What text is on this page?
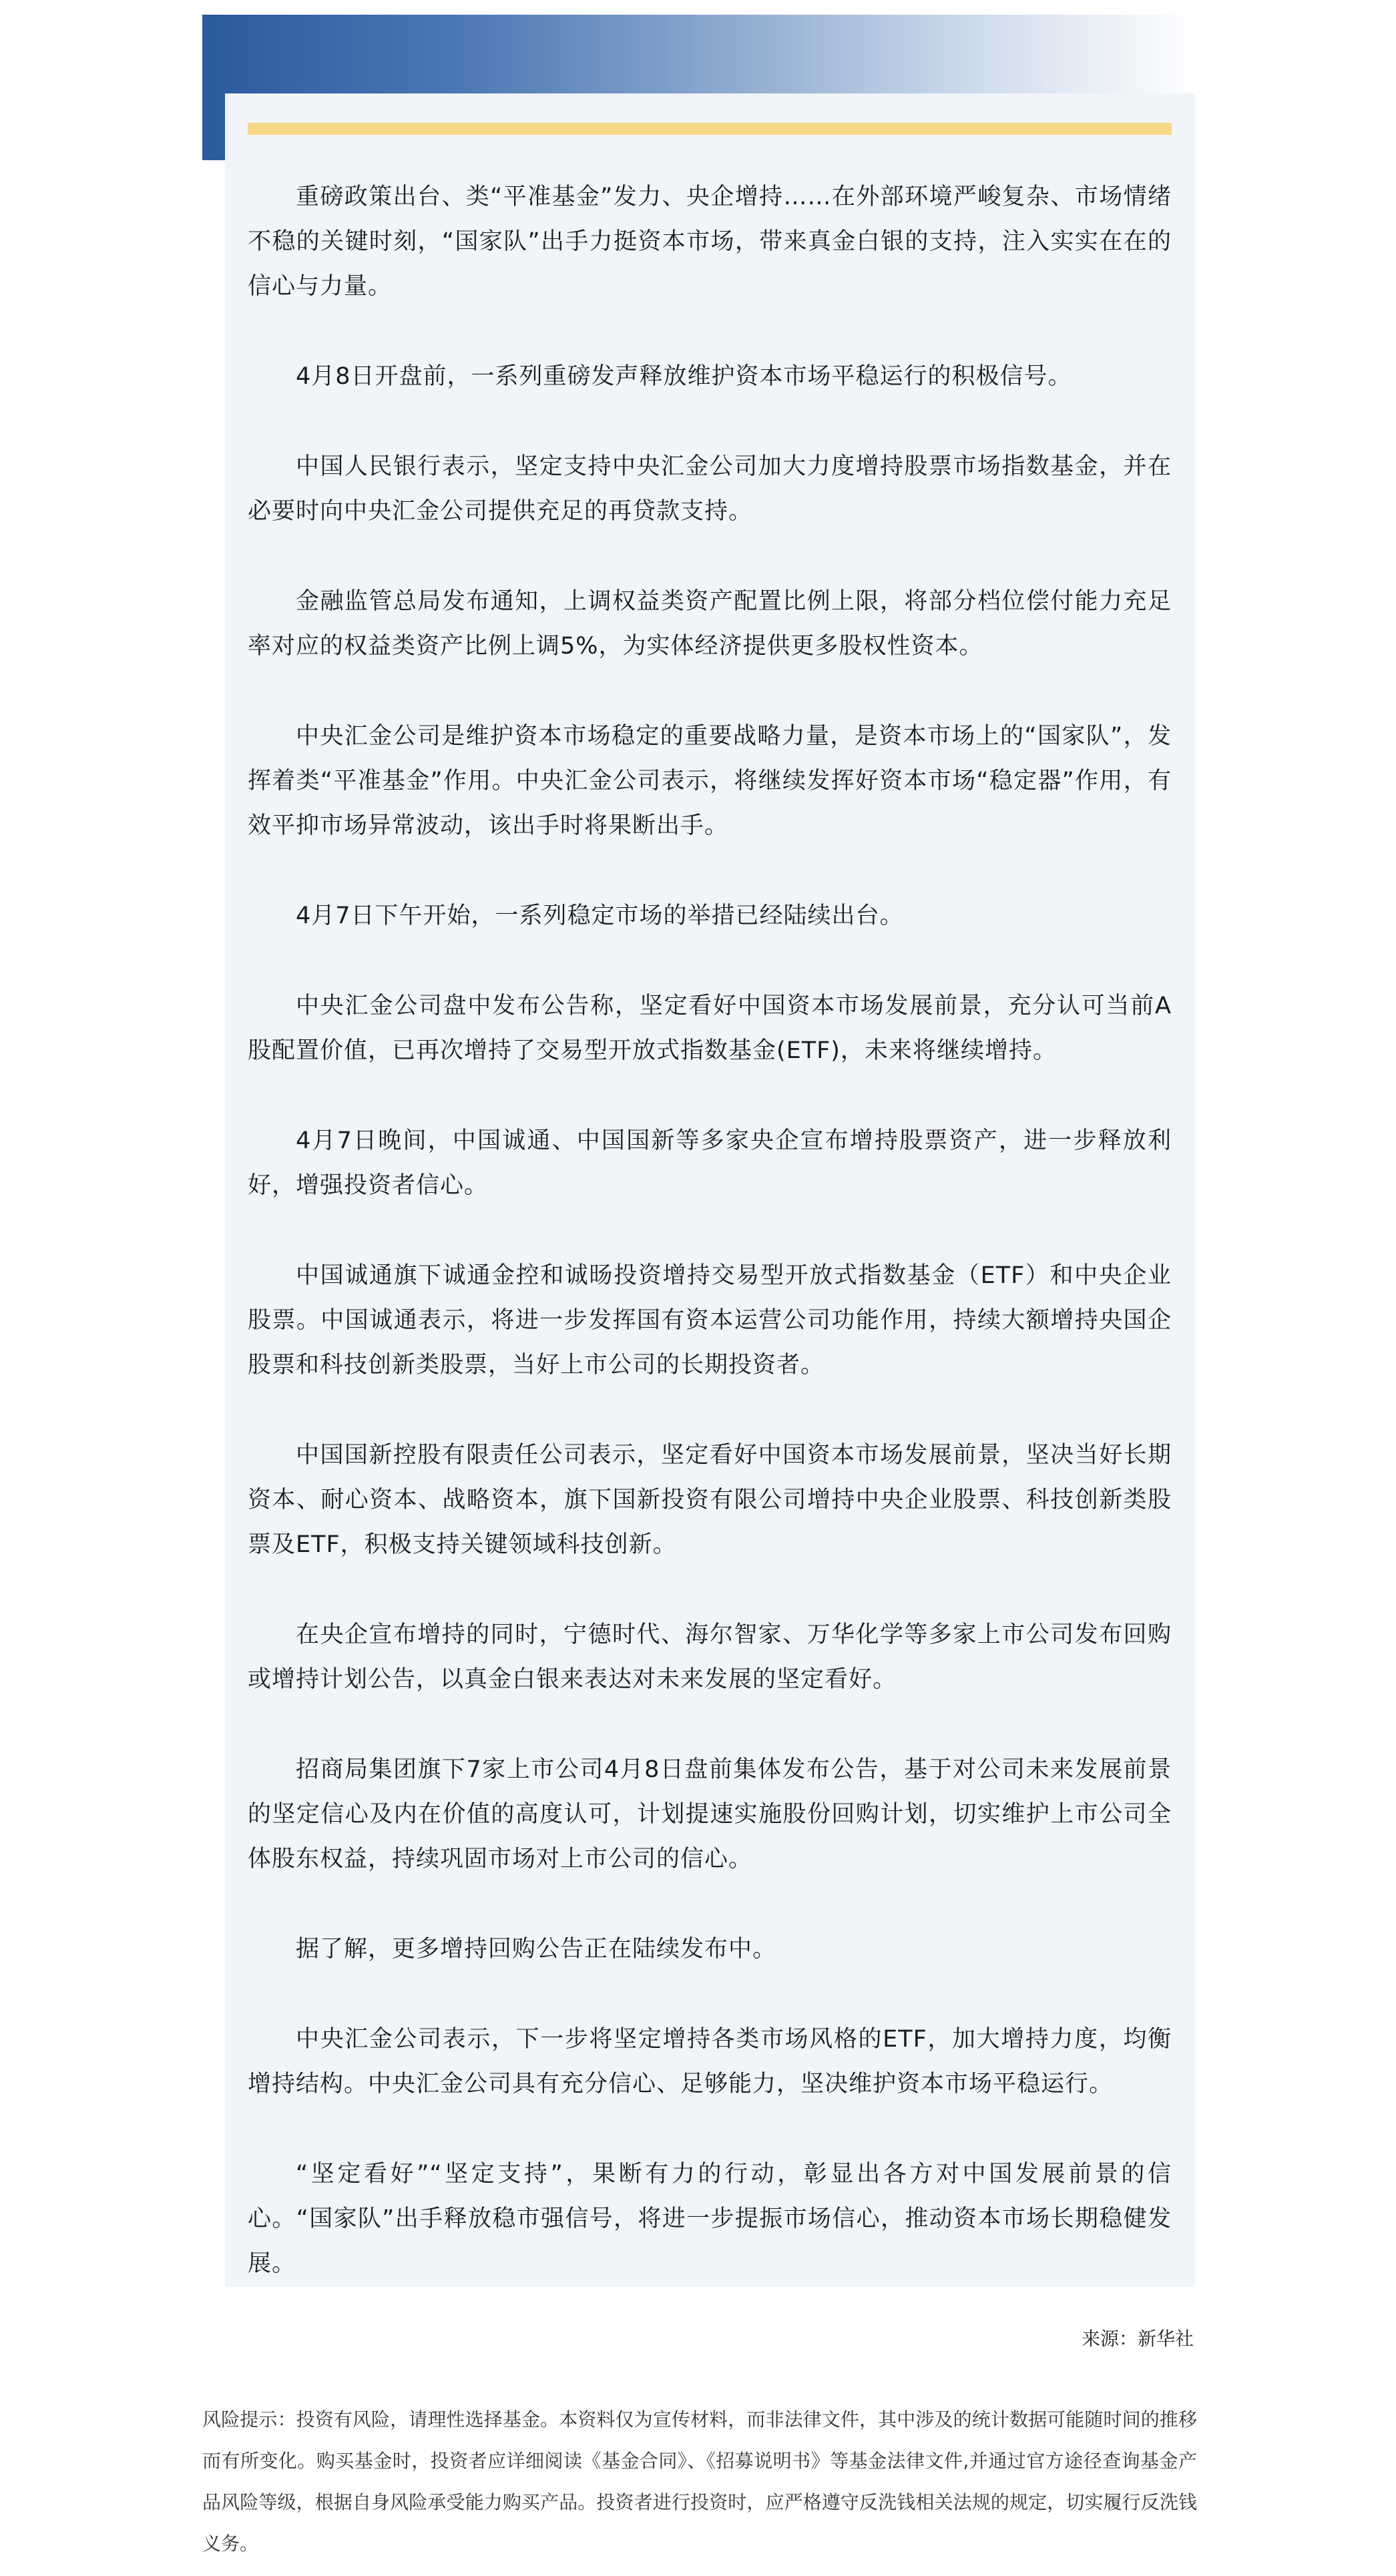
重磅政策出台、类“平准基金”发力、央企增持……在外部环境严峻复杂、市场情绪不稳的关键时刻，“国家队”出手力挺资本市场，带来真金白银的支持，注入实实在在的信心与力量。

4月8日开盘前，一系列重磅发声释放维护资本市场平稳运行的积极信号。

中国人民银行表示，坚定支持中央汇金公司加大力度增持股票市场指数基金，并在必要时向中央汇金公司提供充足的再贷款支持。

金融监管总局发布通知，上调权益类资产配置比例上限，将部分档位偿付能力充足率对应的权益类资产比例上调5%，为实体经济提供更多股权性资本。

中央汇金公司是维护资本市场稳定的重要战略力量，是资本市场上的“国家队”，发挥着类“平准基金”作用。中央汇金公司表示，将继续发挥好资本市场“稳定器”作用，有效平抑市场异常波动，该出手时将果断出手。

4月7日下午开始，一系列稳定市场的举措已经陆续出台。

中央汇金公司盘中发布公告称，坚定看好中国资本市场发展前景，充分认可当前A股配置价值，已再次增持了交易型开放式指数基金(ETF)，未来将继续增持。

4月7日晚间，中国诚通、中国国新等多家央企宣布增持股票资产，进一步释放利好，增强投资者信心。

中国诚通旗下诚通金控和诚旸投资增持交易型开放式指数基金（ETF）和中央企业股票。中国诚通表示，将进一步发挥国有资本运营公司功能作用，持续大额增持央国企股票和科技创新类股票，当好上市公司的长期投资者。

中国国新控股有限责任公司表示，坚定看好中国资本市场发展前景，坚决当好长期资本、耐心资本、战略资本，旗下国新投资有限公司增持中央企业股票、科技创新类股票及ETF，积极支持关键领域科技创新。

在央企宣布增持的同时，宁德时代、海尔智家、万华化学等多家上市公司发布回购或增持计划公告，以真金白银来表达对未来发展的坚定看好。

招商局集团旗下7家上市公司4月8日盘前集体发布公告，基于对公司未来发展前景的坚定信心及内在价值的高度认可，计划提速实施股份回购计划，切实维护上市公司全体股东权益，持续巩固市场对上市公司的信心。

据了解，更多增持回购公告正在陆续发布中。

中央汇金公司表示，下一步将坚定增持各类市场风格的ETF，加大增持力度，均衡增持结构。中央汇金公司具有充分信心、足够能力，坚决维护资本市场平稳运行。

“坚定看好”“坚定支持”，果断有力的行动，彰显出各方对中国发展前景的信心。“国家队”出手释放稳市强信号，将进一步提振市场信心，推动资本市场长期稳健发展。

来源：新华社

风险提示：投资有风险，请理性选择基金。本资料仅为宣传材料，而非法律文件，其中涉及的统计数据可能随时间的推移而有所变化。购买基金时，投资者应详细阅读《基金合同》、《招募说明书》等基金法律文件,并通过官方途径查询基金产品风险等级，根据自身风险承受能力购买产品。投资者进行投资时，应严格遵守反洗钱相关法规的规定，切实履行反洗钱义务。
